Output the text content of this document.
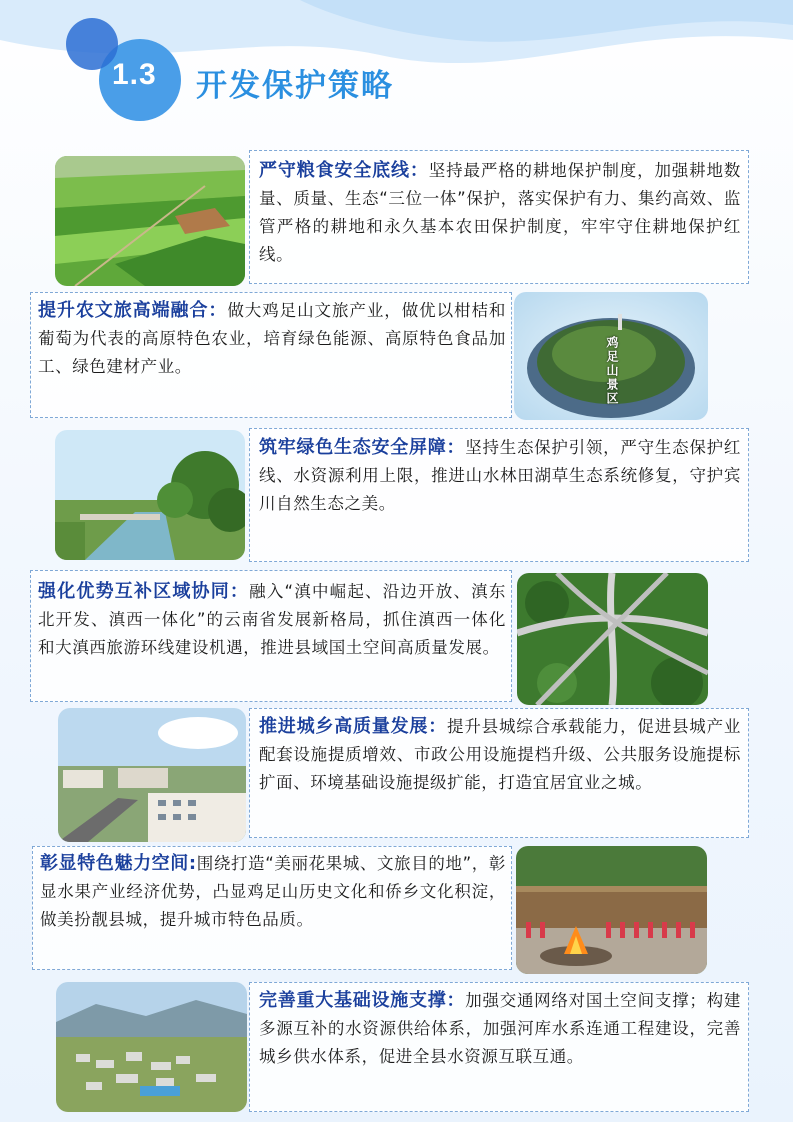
1.3 开发保护策略
严守粮食安全底线：坚持最严格的耕地保护制度，加强耕地数量、质量、生态“三位一体”保护，落实保护有力、集约高效、监管严格的耕地和永久基本农田保护制度，牢牢守住耕地保护红线。
鸡足山景区
提升农文旅高端融合：做大鸡足山文旅产业，做优以柑桔和葡萄为代表的高原特色农业，培育绿色能源、高原特色食品加工、绿色建材产业。
筑牢绿色生态安全屏障：坚持生态保护引领，严守生态保护红线、水资源利用上限，推进山水林田湖草生态系统修复，守护宾川自然生态之美。
强化优势互补区域协同：融入“滇中崛起、沿边开放、滇东北开发、滇西一体化”的云南省发展新格局，抓住滇西一体化和大滇西旅游环线建设机遇，推进县域国土空间高质量发展。
推进城乡高质量发展：提升县城综合承载能力，促进县城产业配套设施提质增效、市政公用设施提档升级、公共服务设施提标扩面、环境基础设施提级扩能，打造宜居宜业之城。
彰显特色魅力空间:围绕打造“美丽花果城、文旅目的地”，彰显水果产业经济优势，凸显鸡足山历史文化和侨乡文化积淀，做美扮靓县城，提升城市特色品质。
完善重大基础设施支撑：加强交通网络对国土空间支撑；构建多源互补的水资源供给体系，加强河库水系连通工程建设，完善城乡供水体系，促进全县水资源互联互通。
